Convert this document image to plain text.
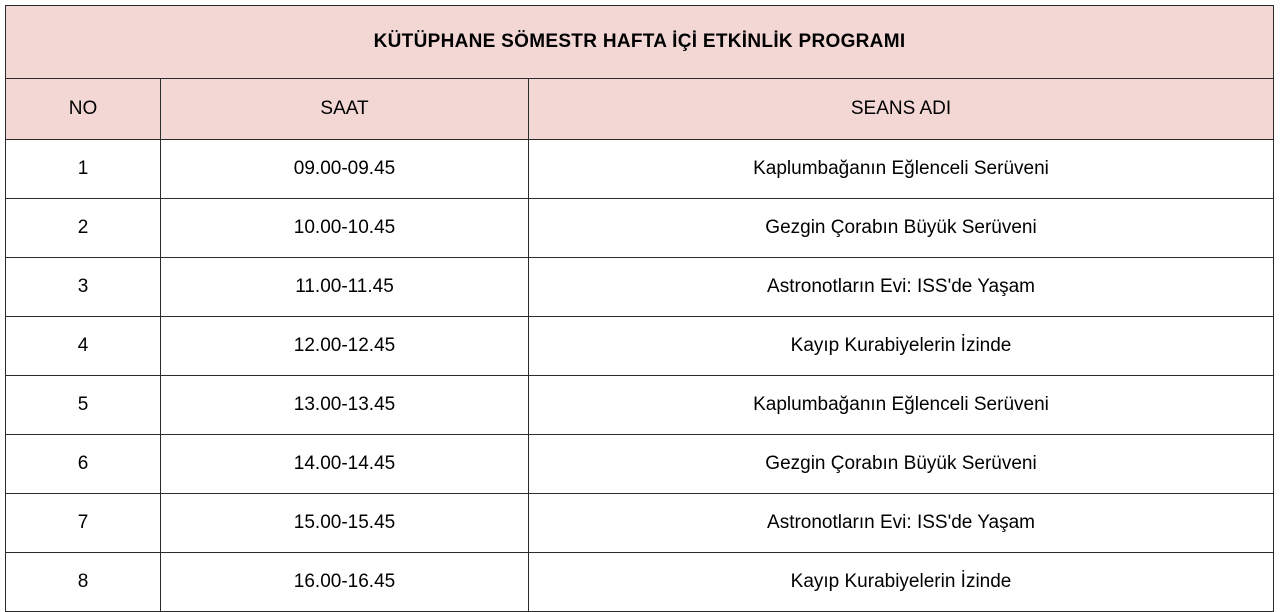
KÜTÜPHANE SÖMESTR HAFTA İÇİ ETKİNLİK PROGRAMI		
NO	SAAT	SEANS ADI
1	09.00-09.45	Kaplumbağanın Eğlenceli Serüveni
2	10.00-10.45	Gezgin Çorabın Büyük Serüveni
3	11.00-11.45	Astronotların Evi: ISS'de Yaşam
4	12.00-12.45	Kayıp Kurabiyelerin İzinde
5	13.00-13.45	Kaplumbağanın Eğlenceli Serüveni
6	14.00-14.45	Gezgin Çorabın Büyük Serüveni
7	15.00-15.45	Astronotların Evi: ISS'de Yaşam
8	16.00-16.45	Kayıp Kurabiyelerin İzinde
